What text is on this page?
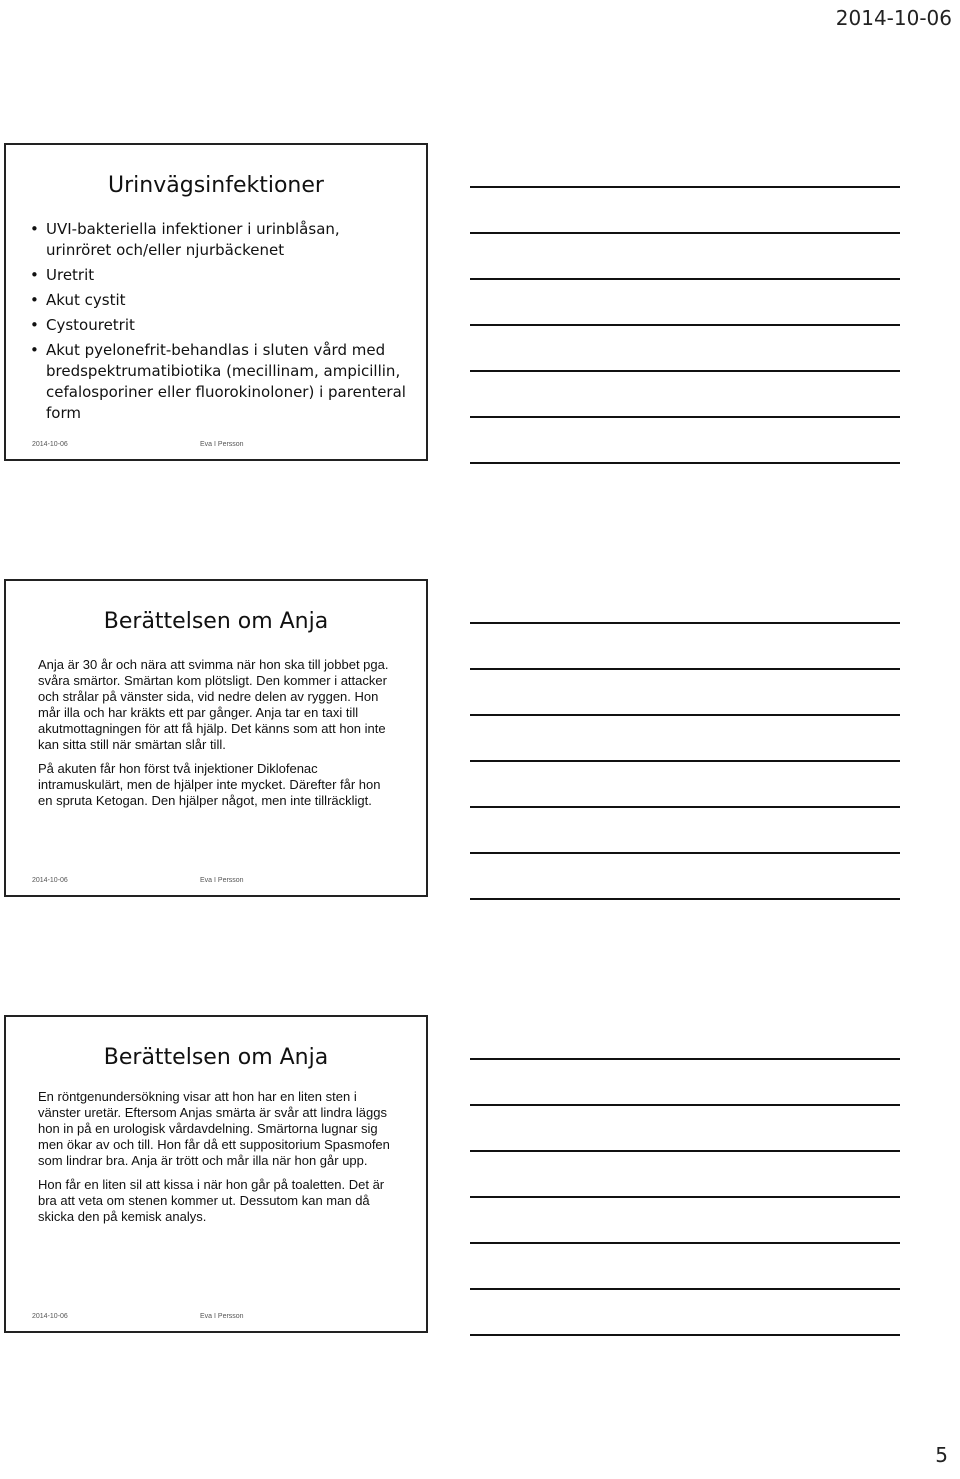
2014-10-06
Urinvägsinfektioner
• UVI-bakteriella infektioner i urinblåsan, urinröret och/eller njurbäckenet
• Uretrit
• Akut cystit
• Cystouretrit
• Akut pyelonefrit-behandlas i sluten vård med bredspektrumatibiotika (mecillinam, ampicillin, cefalosporiner eller fluorokinoloner) i parenteral form
2014-10-06	Eva I Persson
Berättelsen om Anja

Anja är 30 år och nära att svimma när hon ska till jobbet pga. svåra smärtor. Smärtan kom plötsligt. Den kommer i attacker och strålar på vänster sida, vid nedre delen av ryggen. Hon mår illa och har kräkts ett par gånger. Anja tar en taxi till akutmottagningen för att få hjälp. Det känns som att hon inte kan sitta still när smärtan slår till.

På akuten får hon först två injektioner Diklofenac intramuskulärt, men de hjälper inte mycket. Därefter får hon en spruta Ketogan. Den hjälper något, men inte tillräckligt.

2014-10-06	Eva I Persson
Berättelsen om Anja

En röntgenundersökning visar att hon har en liten sten i vänster uretär. Eftersom Anjas smärta är svår att lindra läggs hon in på en urologisk vårdavdelning. Smärtorna lugnar sig men ökar av och till. Hon får då ett suppositorium Spasmofen som lindrar bra. Anja är trött och mår illa när hon går upp.

Hon får en liten sil att kissa i när hon går på toaletten. Det är bra att veta om stenen kommer ut. Dessutom kan man då skicka den på kemisk analys.

2014-10-06	Eva I Persson
5
